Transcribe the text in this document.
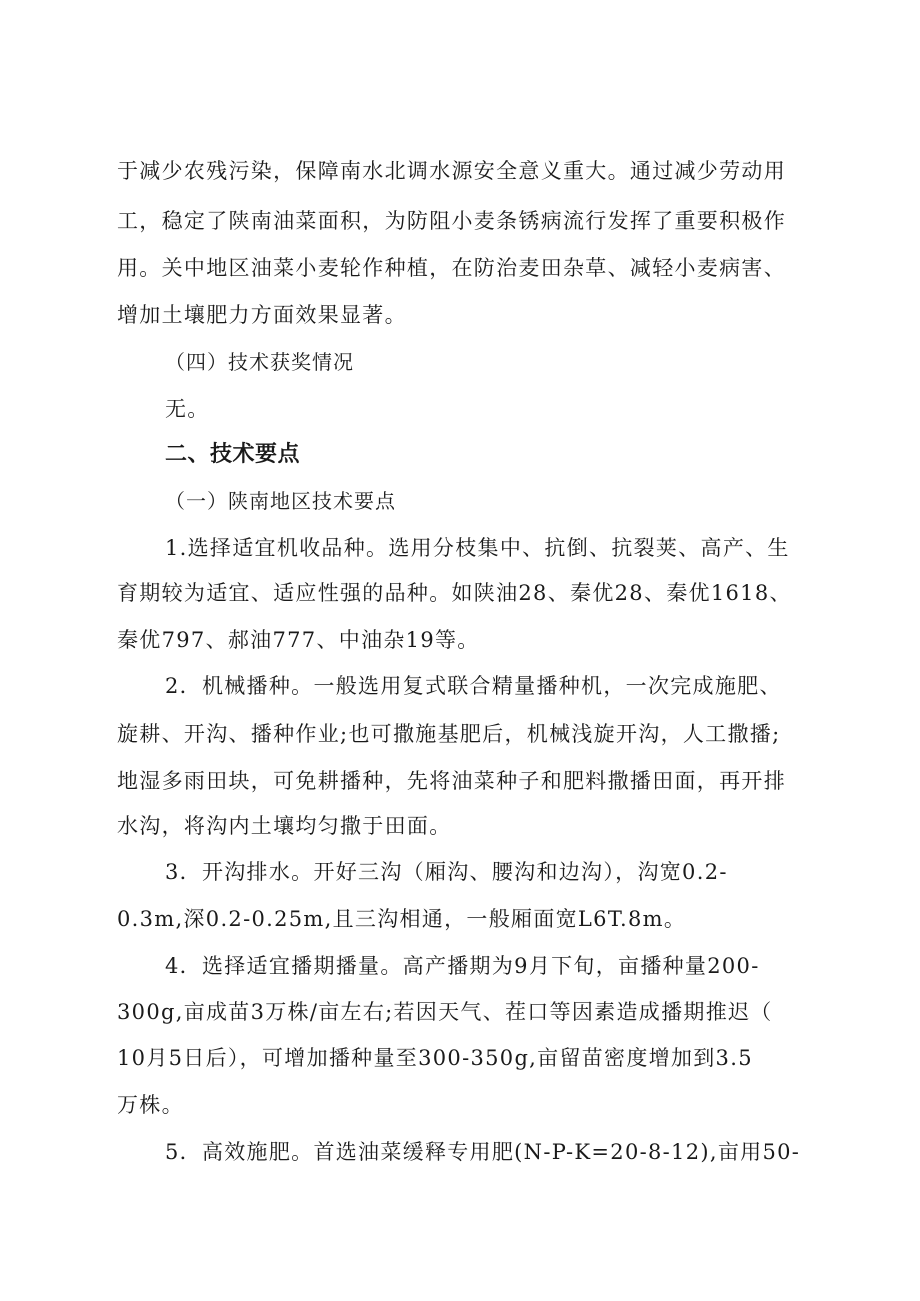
于减少农残污染，保障南水北调水源安全意义重大。通过减少劳动用
工，稳定了陕南油菜面积，为防阻小麦条锈病流行发挥了重要积极作
用。关中地区油菜小麦轮作种植，在防治麦田杂草、减轻小麦病害、
增加土壤肥力方面效果显著。
（四）技术获奖情况
无。
二、技术要点
（一）陕南地区技术要点
1.选择适宜机收品种。选用分枝集中、抗倒、抗裂荚、高产、生
育期较为适宜、适应性强的品种。如陕油28、秦优28、秦优1618、
秦优797、郝油777、中油杂19等。
2．机械播种。一般选用复式联合精量播种机，一次完成施肥、
旋耕、开沟、播种作业;也可撒施基肥后，机械浅旋开沟，人工撒播;
地湿多雨田块，可免耕播种，先将油菜种子和肥料撒播田面，再开排
水沟，将沟内土壤均匀撒于田面。
3．开沟排水。开好三沟（厢沟、腰沟和边沟），沟宽0.2-
0.3m,深0.2-0.25m,且三沟相通，一般厢面宽L6T.8m。
4．选择适宜播期播量。高产播期为9月下旬，亩播种量200-
300g,亩成苗3万株/亩左右;若因天气、茬口等因素造成播期推迟（
10月5日后），可增加播种量至300-350g,亩留苗密度增加到3.5
万株。
5．高效施肥。首选油菜缓释专用肥(N-P-K=20-8-12),亩用50-
